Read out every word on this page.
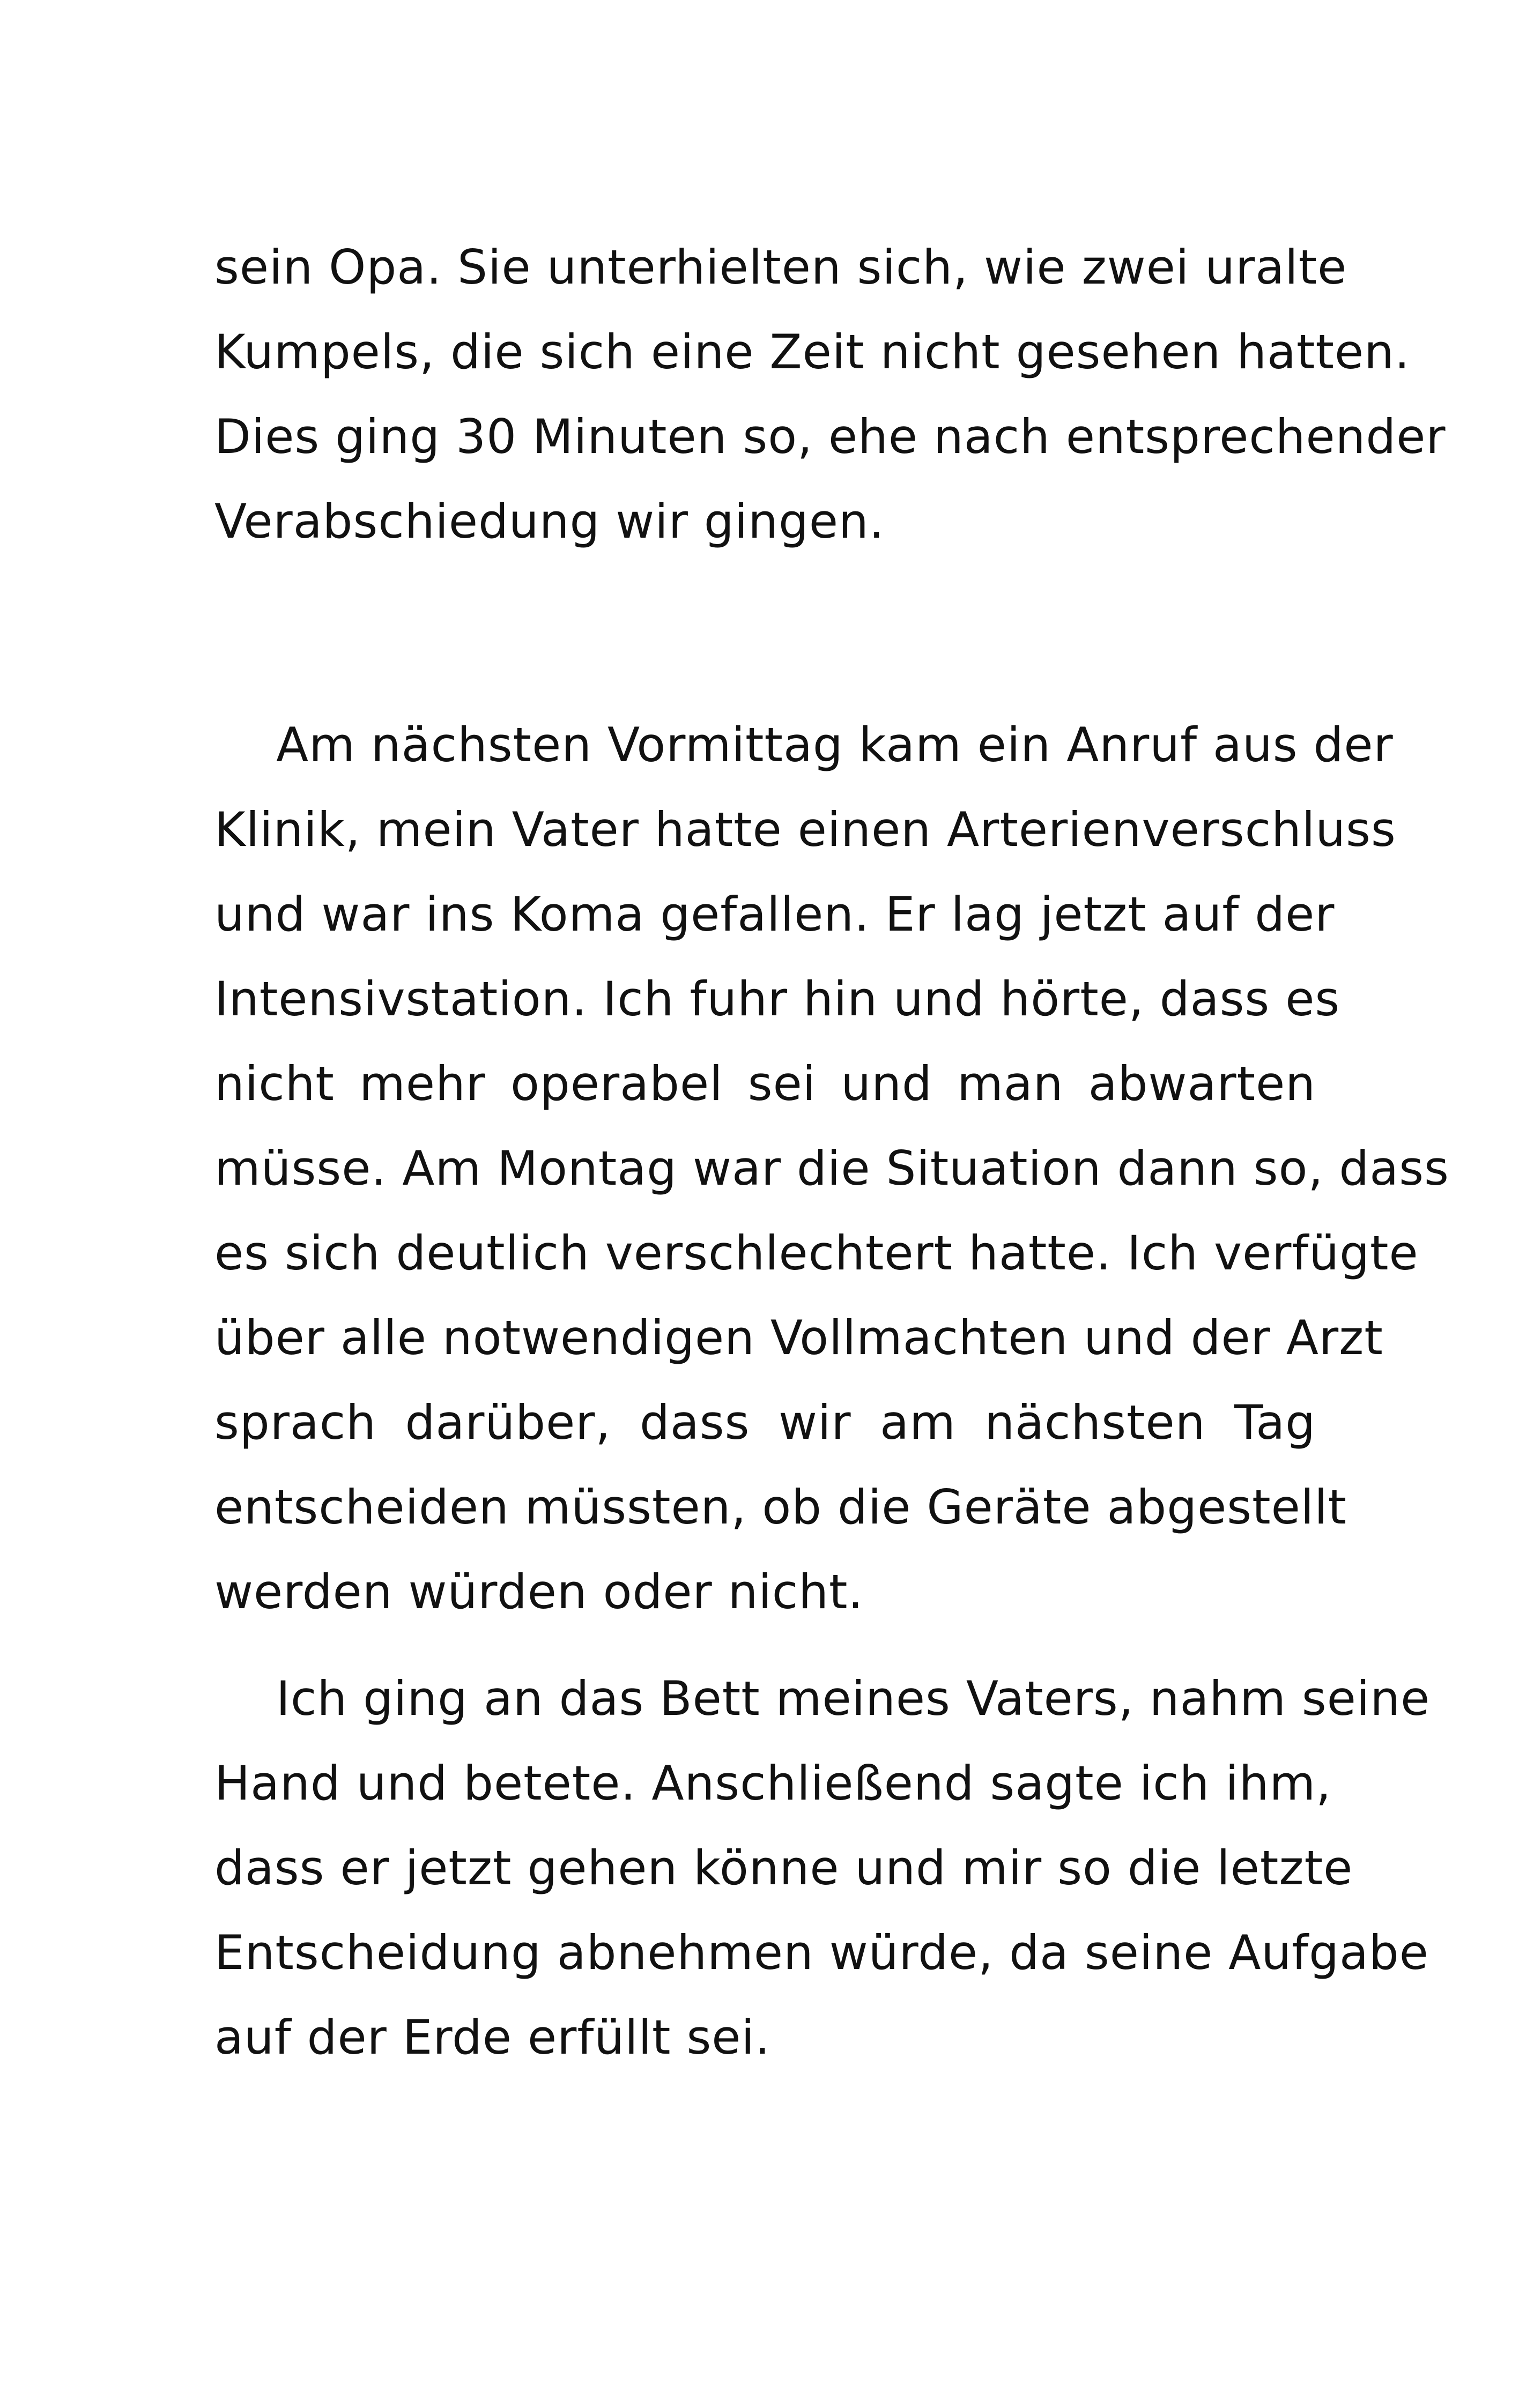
sein Opa. Sie unterhielten sich, wie zwei uralte
Kumpels, die sich eine Zeit nicht gesehen hatten.
Dies ging 30 Minuten so, ehe nach entsprechender
Verabschiedung wir gingen.
Am nächsten Vormittag kam ein Anruf aus der
Klinik, mein Vater hatte einen Arterienverschluss
und war ins Koma gefallen. Er lag jetzt auf der
Intensivstation. Ich fuhr hin und hörte, dass es
nicht mehr operabel sei und man abwarten
müsse. Am Montag war die Situation dann so, dass
es sich deutlich verschlechtert hatte. Ich verfügte
über alle notwendigen Vollmachten und der Arzt
sprach darüber, dass wir am nächsten Tag
entscheiden müssten, ob die Geräte abgestellt
werden würden oder nicht.
Ich ging an das Bett meines Vaters, nahm seine
Hand und betete. Anschließend sagte ich ihm,
dass er jetzt gehen könne und mir so die letzte
Entscheidung abnehmen würde, da seine Aufgabe
auf der Erde erfüllt sei.
